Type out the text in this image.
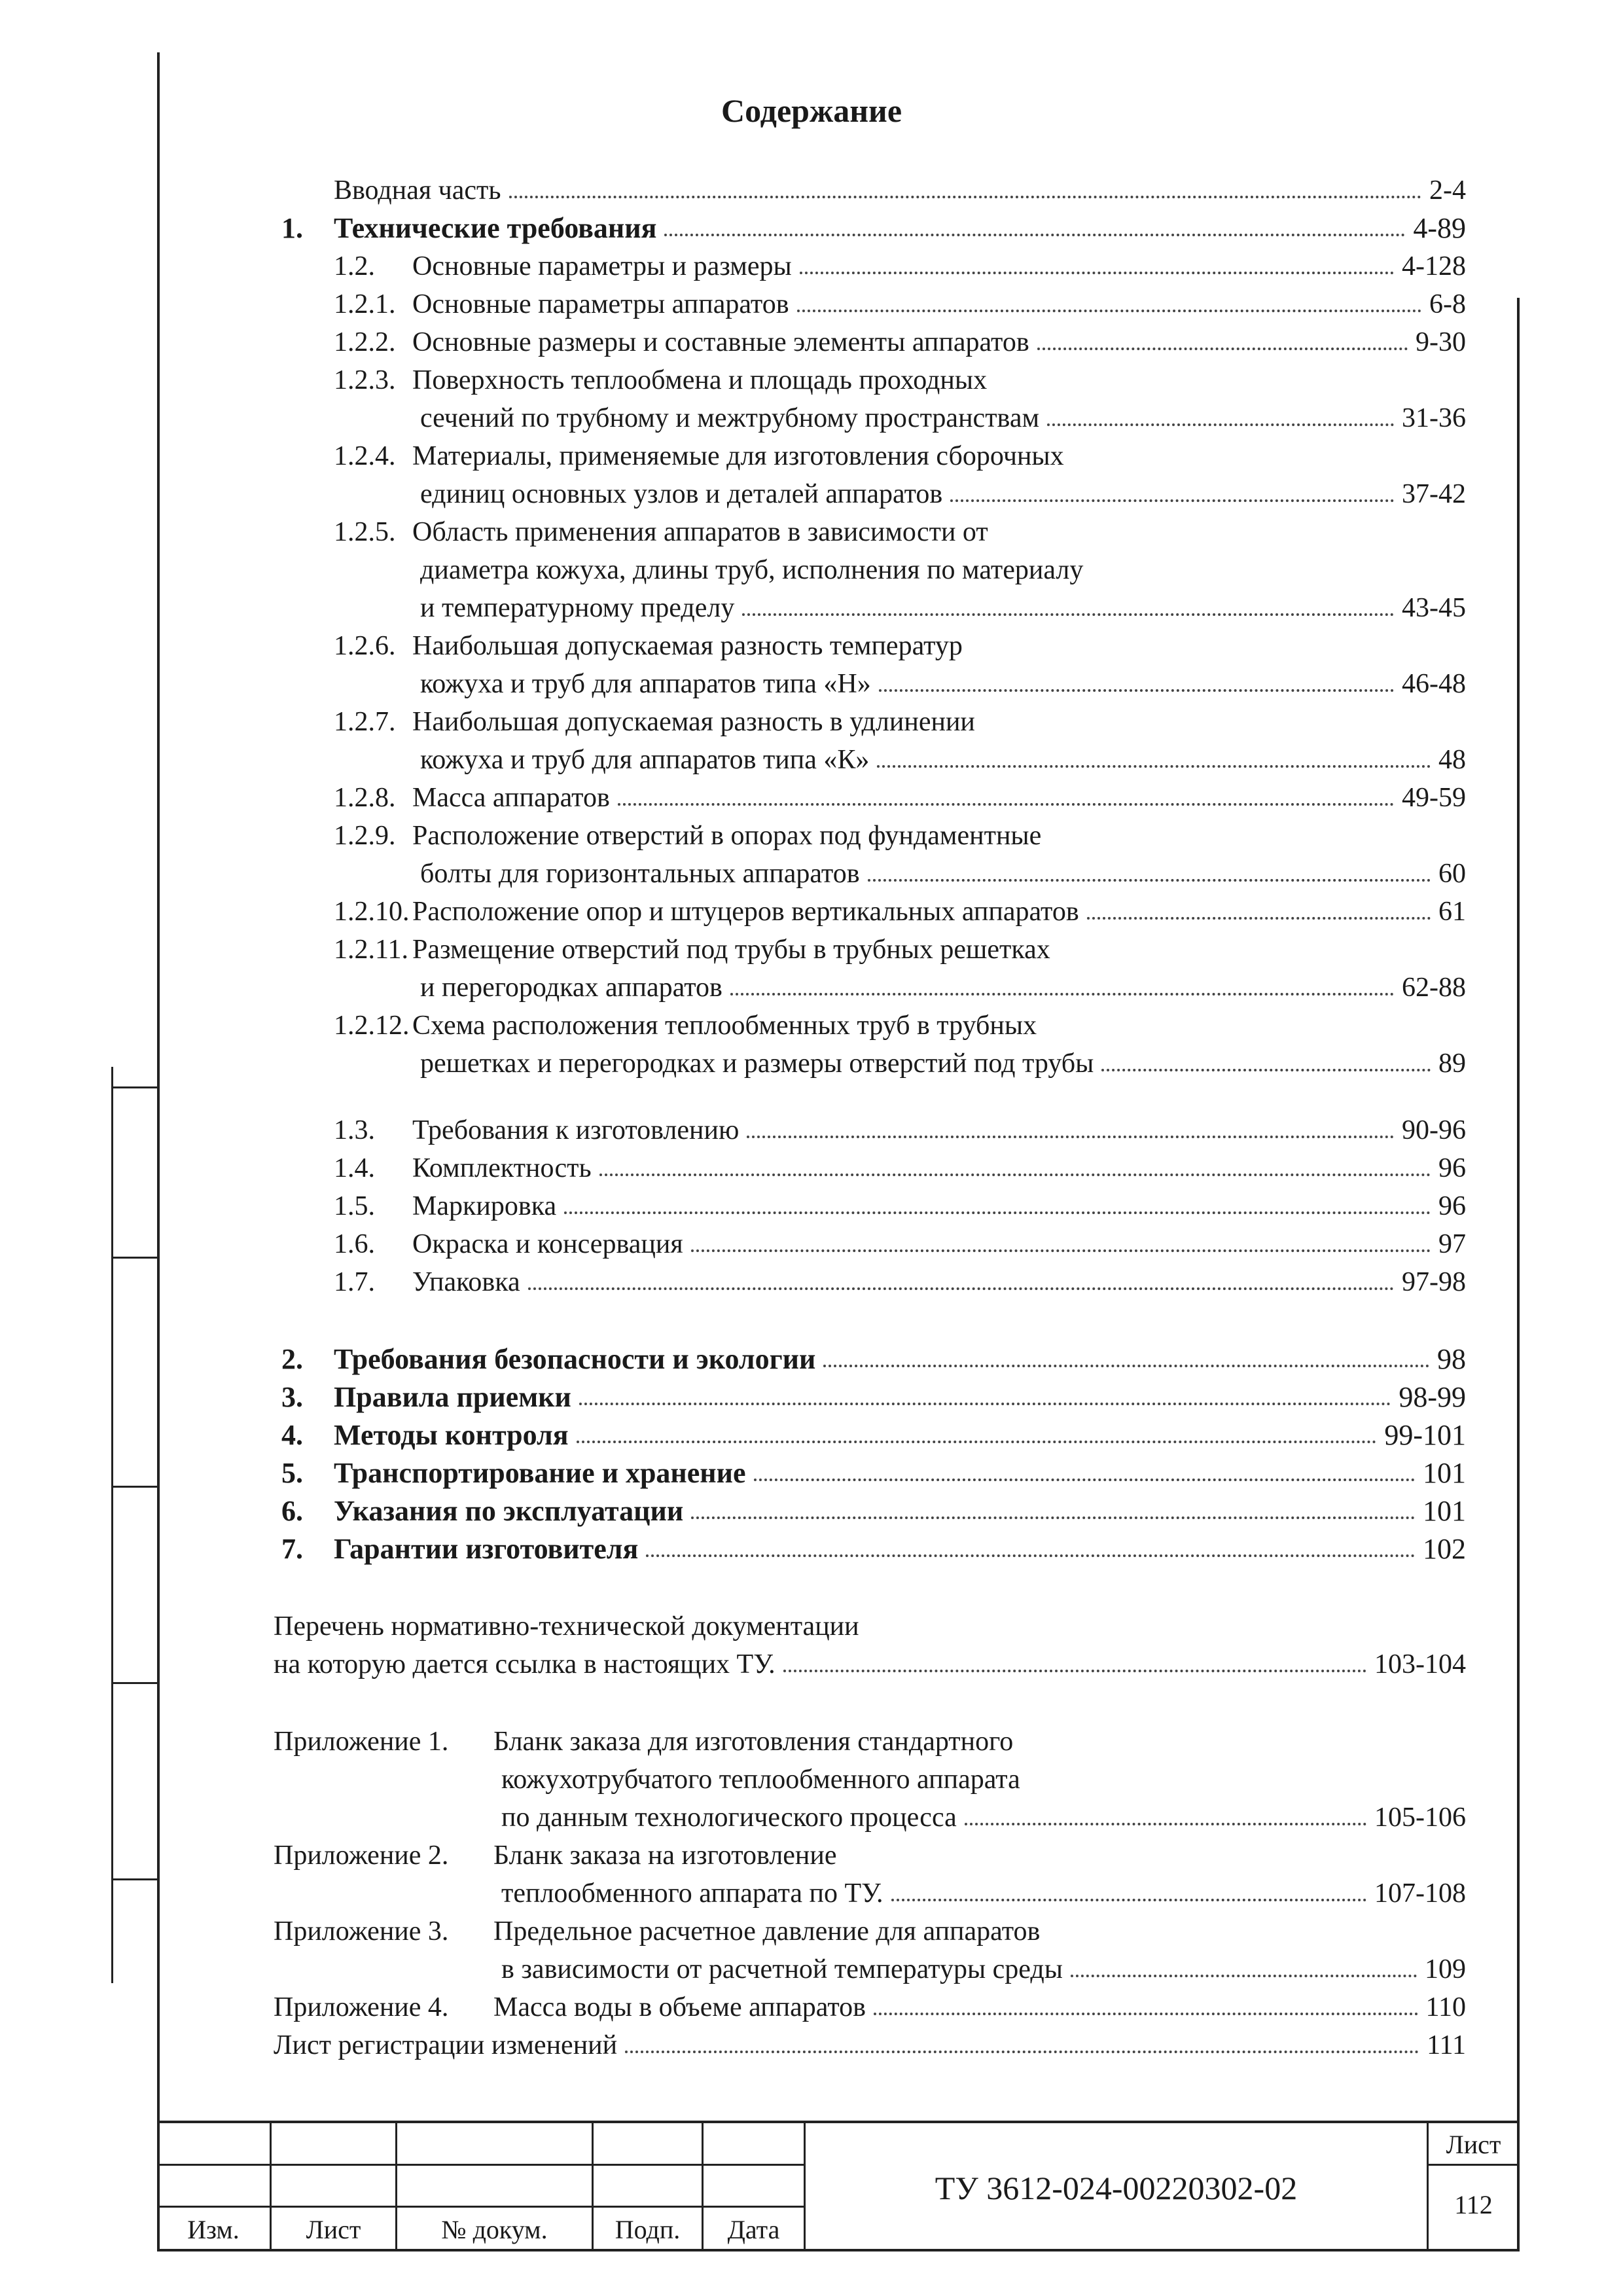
Содержание
Вводная часть	2-4
1. Технические требования	4-89
1.2. Основные параметры и размеры	4-128
1.2.1. Основные параметры аппаратов	6-8
1.2.2. Основные размеры и составные элементы аппаратов	9-30
1.2.3. Поверхность теплообмена и площадь проходных
сечений по трубному и межтрубному пространствам	31-36
1.2.4. Материалы, применяемые для изготовления сборочных
единиц основных узлов и деталей аппаратов	37-42
1.2.5. Область применения аппаратов в зависимости от
диаметра кожуха, длины труб, исполнения по материалу
и температурному пределу	43-45
1.2.6. Наибольшая допускаемая разность температур
кожуха и труб для аппаратов типа «Н»	46-48
1.2.7. Наибольшая допускаемая разность в удлинении
кожуха и труб для аппаратов типа «К»	48
1.2.8. Масса аппаратов	49-59
1.2.9. Расположение отверстий в опорах под фундаментные
болты для горизонтальных аппаратов	60
1.2.10. Расположение опор и штуцеров вертикальных аппаратов	61
1.2.11. Размещение отверстий под трубы в трубных решетках
и перегородках аппаратов	62-88
1.2.12. Схема расположения теплообменных труб в трубных
решетках и перегородках и размеры отверстий под трубы	89
1.3. Требования к изготовлению	90-96
1.4. Комплектность	96
1.5. Маркировка	96
1.6. Окраска и консервация	97
1.7. Упаковка	97-98
2. Требования безопасности и экологии	98
3. Правила приемки	98-99
4. Методы контроля	99-101
5. Транспортирование и хранение	101
6. Указания по эксплуатации	101
7. Гарантии изготовителя	102
Перечень нормативно-технической документации
на которую дается ссылка в настоящих ТУ.	103-104
Приложение 1. Бланк заказа для изготовления стандартного
кожухотрубчатого теплообменного аппарата
по данным технологического процесса	105-106
Приложение 2. Бланк заказа на изготовление
теплообменного аппарата по ТУ.	107-108
Приложение 3. Предельное расчетное давление для аппаратов
в зависимости от расчетной температуры среды	109
Приложение 4. Масса воды в объеме аппаратов	110
Лист регистрации изменений	111
Изм.	Лист	№ докум.	Подп.	Дата
ТУ 3612-024-00220302-02
Лист
112
